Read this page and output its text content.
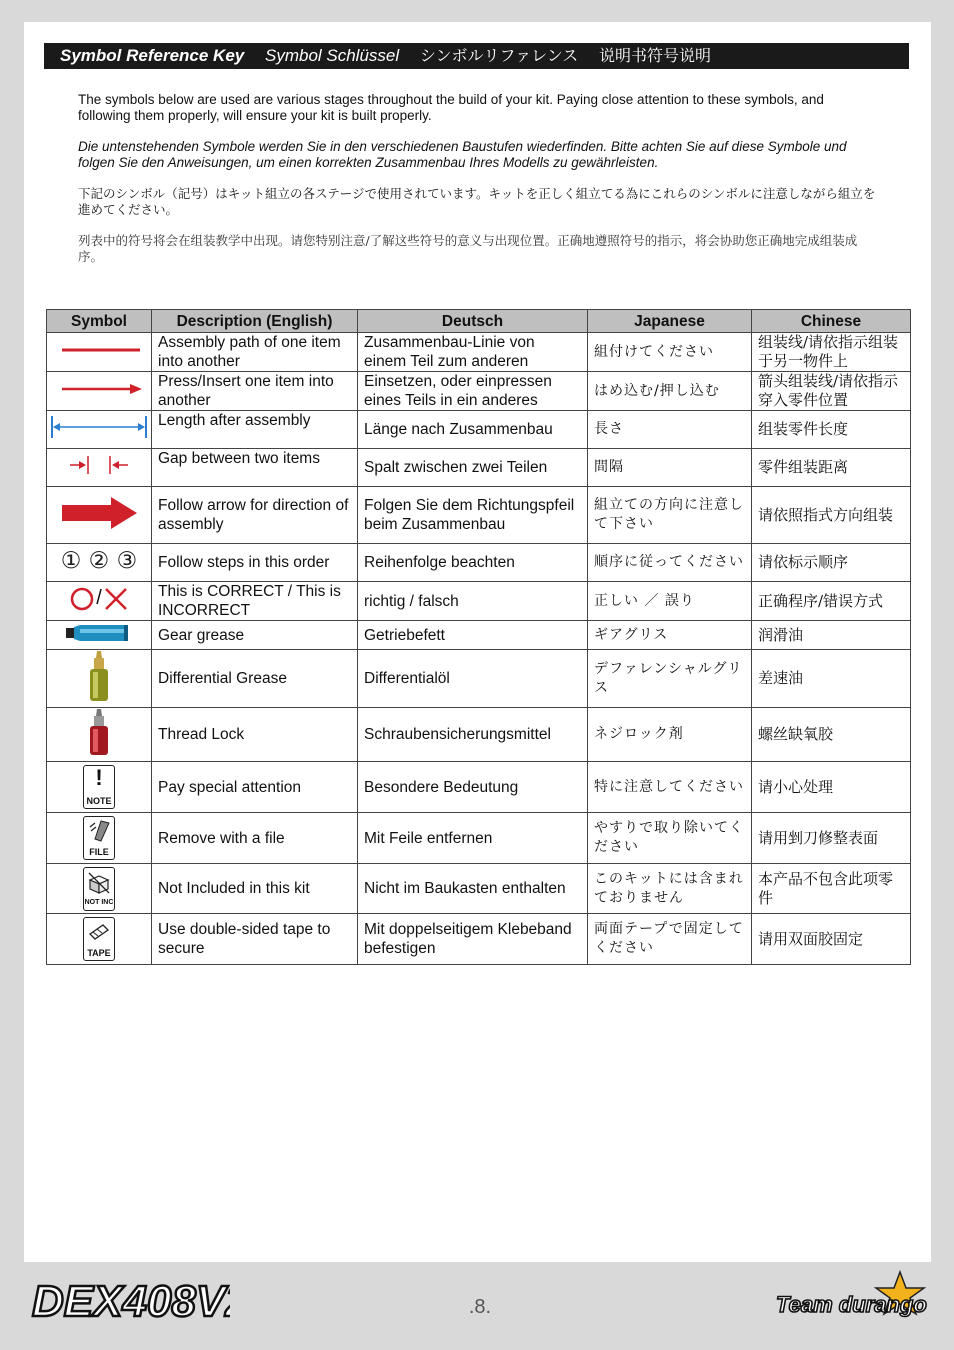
Symbol Reference Key Symbol Schlüssel シンボルリファレンス 说明书符号说明

The symbols below are used are various stages throughout the build of your kit. Paying close attention to these symbols, and following them properly, will ensure your kit is built properly.

Die untenstehenden Symbole werden Sie in den verschiedenen Baustufen wiederfinden. Bitte achten Sie auf diese Symbole und folgen Sie den Anweisungen, um einen korrekten Zusammenbau Ihres Modells zu gewährleisten.

下記のシンボル（記号）はキット組立の各ステージで使用されています。キットを正しく組立てる為にこれらのシンボルに注意しながら組立を進めてください。

列表中的符号将会在组装教学中出现。请您特别注意/了解这些符号的意义与出现位置。正确地遵照符号的指示，将会协助您正确地完成组装成序。

Symbol	Description (English)	Deutsch	Japanese	Chinese
	Assembly path of one item into another	Zusammenbau-Linie von einem Teil zum anderen	組付けてください	组装线/请依指示组装于另一物件上
	Press/Insert one item into another	Einsetzen, oder einpressen eines Teils in ein anderes	はめ込む/押し込む	箭头组装线/请依指示穿入零件位置
	Length after assembly	Länge nach Zusammenbau	長さ	组装零件长度
	Gap between two items	Spalt zwischen zwei Teilen	間隔	零件组装距离
	Follow arrow for direction of assembly	Folgen Sie dem Richtungspfeil beim Zusammenbau	組立ての方向に注意して下さい	请依照指式方向组装
① ② ③	Follow steps in this order	Reihenfolge beachten	順序に従ってください	请依标示顺序

/	This is CORRECT / This is INCORRECT	richtig / falsch	正しい ／ 誤り	正确程序/错误方式
	Gear grease	Getriebefett	ギアグリス	润滑油
	Differential Grease	Differentialöl	デファレンシャルグリス	差速油
	Thread Lock	Schraubensicherungsmittel	ネジロック剤	螺丝缺氧胶

!
NOTE	Pay special attention	Besondere Bedeutung	特に注意してください	请小心处理

FILE	Remove with a file	Mit Feile entfernen	やすりで取り除いてください	请用剉刀修整表面

NOT INC	Not Included in this kit	Nicht im Baukasten enthalten	このキットには含まれておりません	本产品不包含此项零件

TAPE	Use double-sided tape to secure	Mit doppelseitigem Klebeband befestigen	両面テープで固定してください	请用双面胶固定
DEX408V2	.8.	Team durango
